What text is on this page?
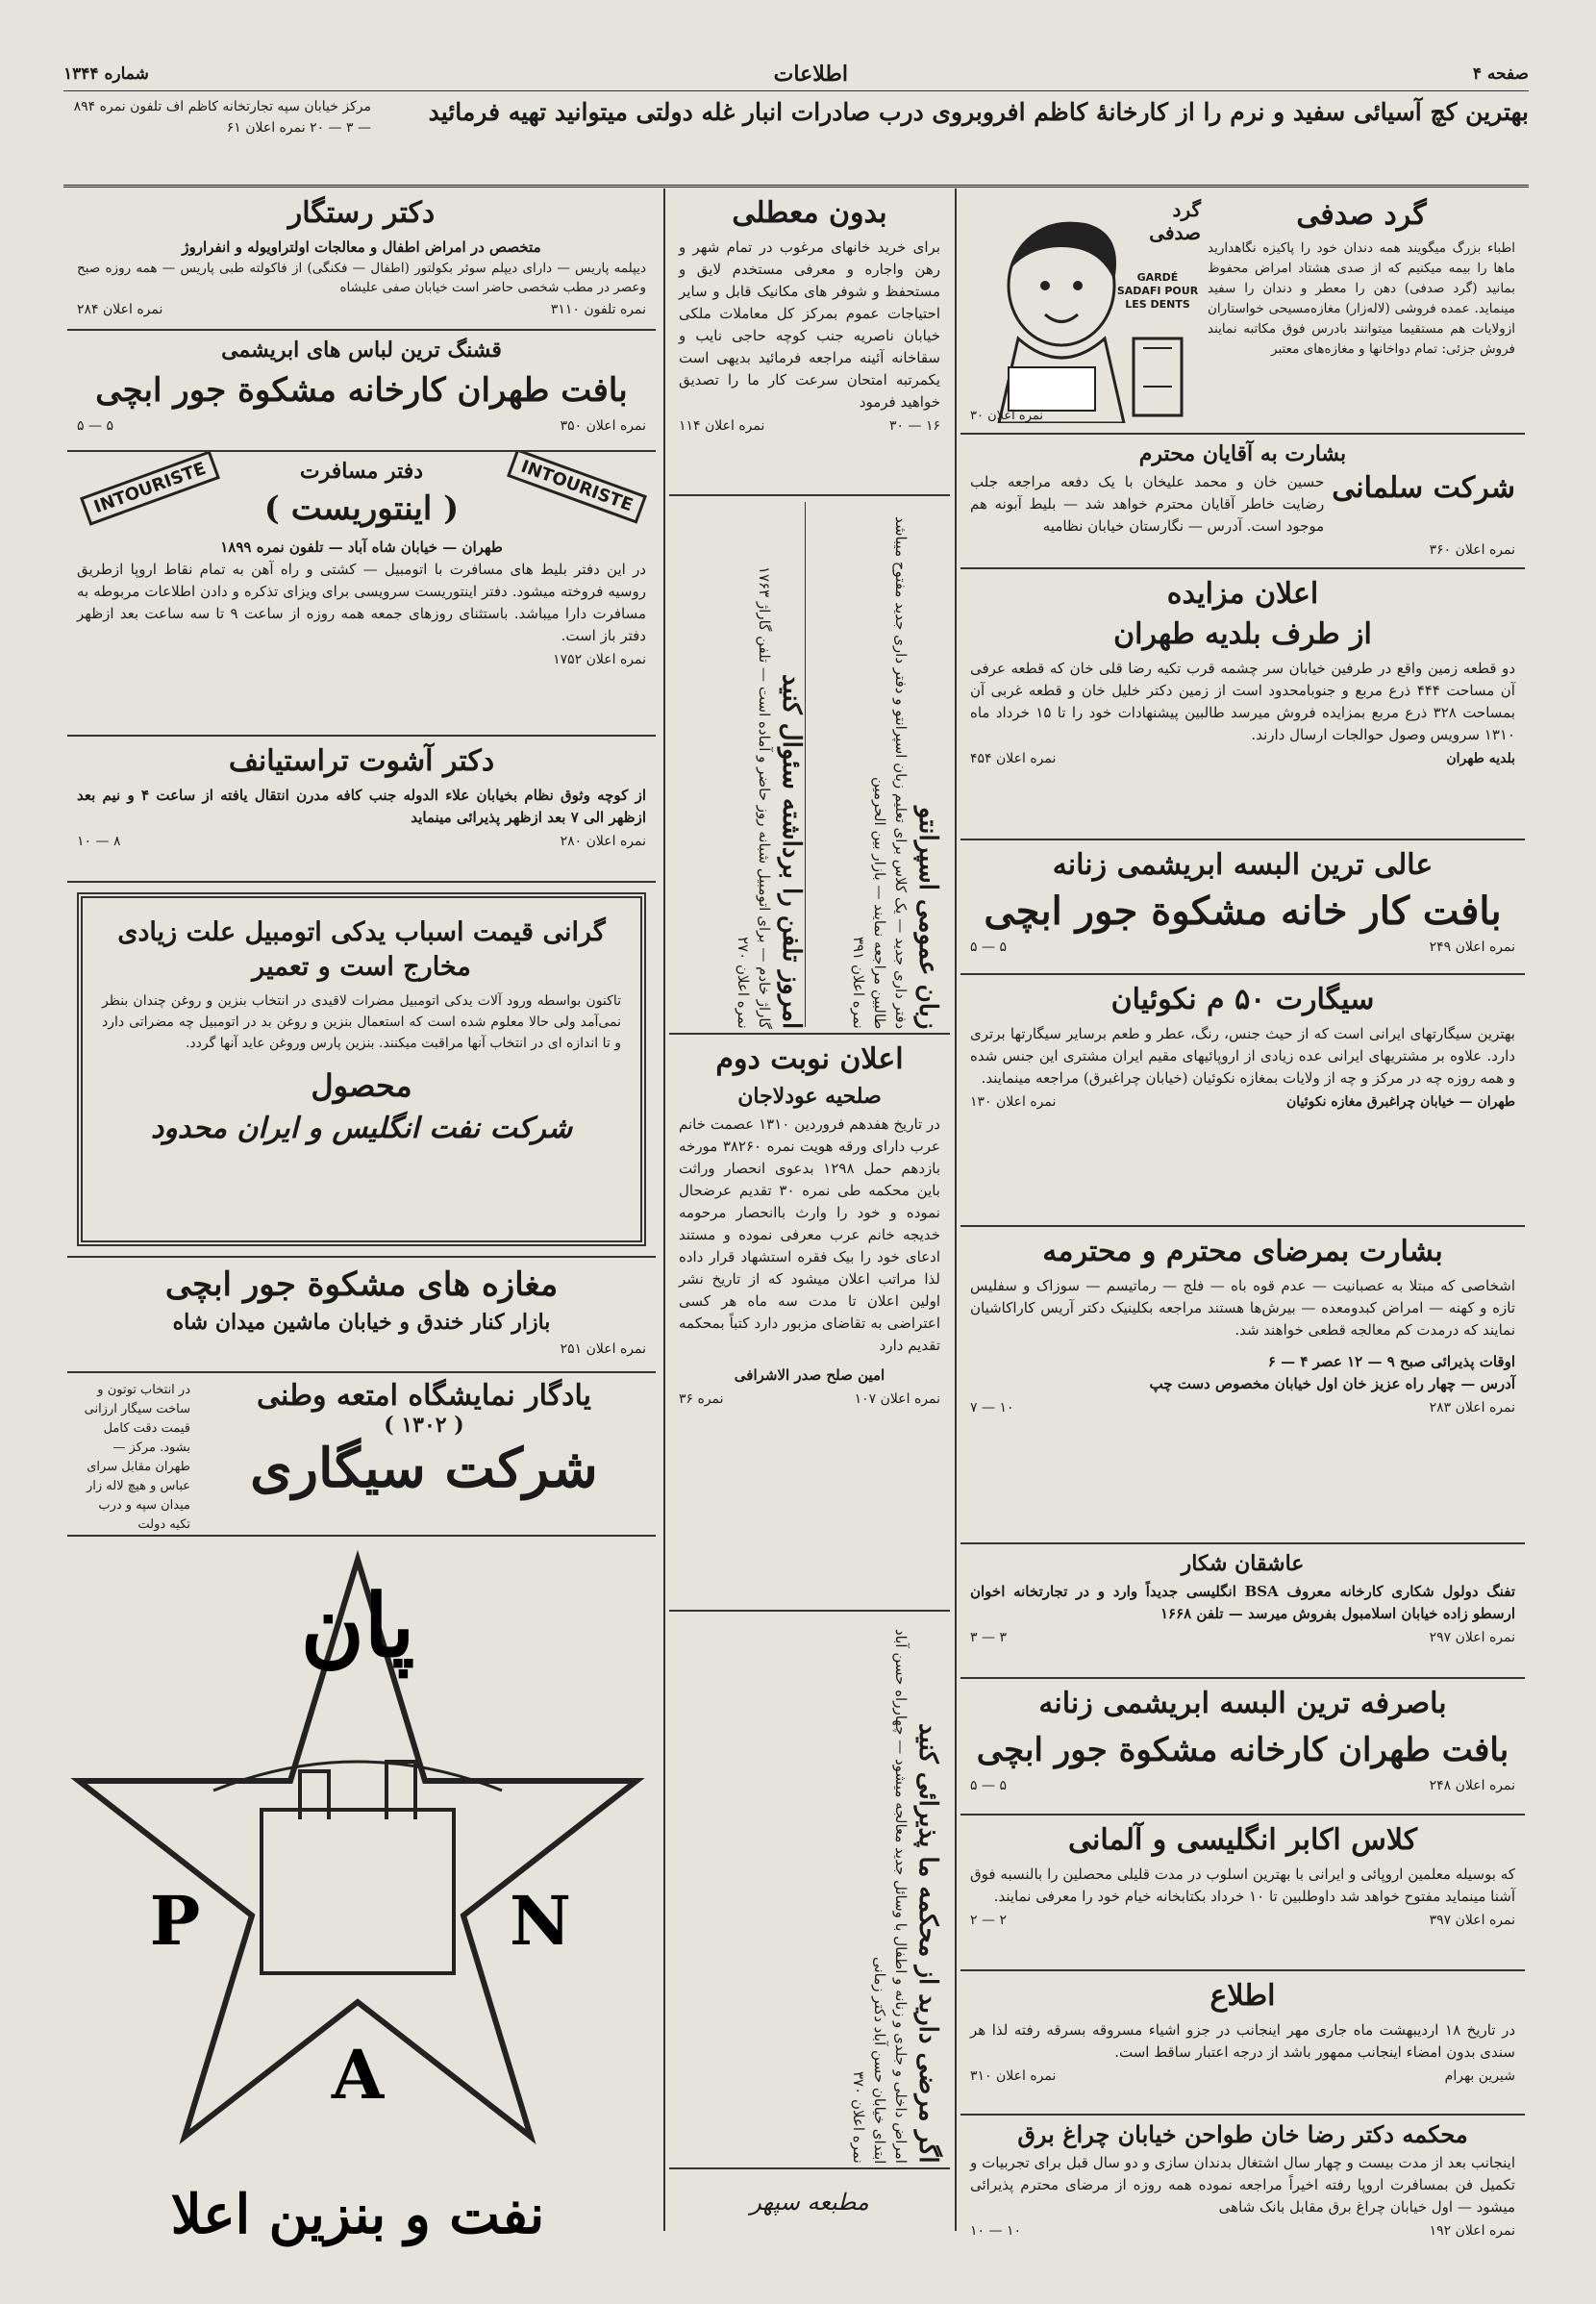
صفحه ۴
اطلاعات
شماره ۱۳۴۴
بهترین کچ آسیائی سفید و نرم را از کارخانهٔ کاظم افروبروی درب صادرات انبار غله دولتی میتوانید تهیه فرمائید
مرکز خیابان سپه تجارتخانه کاظم اف تلفون نمره ۸۹۴ — ۳ — ۲۰ نمره اعلان ۶۱
گرد صدفی

اطباء بزرگ میگویند همه دندان خود را پاکیزه نگاهدارید ماها را بیمه میکنیم که از صدی هشتاد امراض محفوظ بمانید (گرد صدفی) دهن را معطر و دندان را سفید مینماید. عمده فروشی (لاله‌زار) مغازه‌مسیحی خواستاران ازولایات هم مستقیما میتوانند بادرس فوق مکاتبه نمایند فروش جزئی: تمام دواخانها و مغازه‌های معتبر

گرد صدفی
GARDÉ SADAFI POUR LES DENTS
نمره اعلان ۳۰
بشارت به آقایان محترم
شرکت سلمانی

حسین خان و محمد علیخان با یک دفعه مراجعه جلب رضایت خاطر آقایان محترم خواهد شد — بلیط آبونه هم موجود است. آدرس — نگارستان خیابان نظامیه

نمره اعلان ۳۶۰
اعلان مزایده
از طرف بلدیه طهران

دو قطعه زمین واقع در طرفین خیابان سر چشمه قرب تکیه رضا قلی خان که قطعه عرفی آن مساحت ۴۴۴ ذرع مربع و جنوبامحدود است از زمین دکتر خلیل خان و قطعه غربی آن بمساحت ۳۲۸ ذرع مربع بمزایده فروش میرسد طالبین پیشنهادات خود را تا ۱۵ خرداد ماه ۱۳۱۰ سرویس وصول حوالجات ارسال دارند.

بلدیه طهران
نمره اعلان ۴۵۴
عالی ترین البسه ابریشمی زنانه
بافت کار خانه مشکوة جور ابچی
نمره اعلان ۲۴۹
۵ — ۵
سیگارت ۵۰ م نکوئیان

بهترین سیگارتهای ایرانی است که از حیث جنس، رنگ، عطر و طعم برسایر سیگارتها برتری دارد. علاوه بر مشتریهای ایرانی عده زیادی از اروپائیهای مقیم ایران مشتری این جنس شده و همه روزه چه در مرکز و چه از ولایات بمغازه نکوئیان (خیابان چراغبرق) مراجعه مینمایند.

طهران — خیابان چراغبرق مغازه نکوئیان
نمره اعلان ۱۳۰
بشارت بمرضای محترم و محترمه

اشخاصی که مبتلا به عصبانیت — عدم قوه باه — فلج — رماتیسم — سوزاک و سفلیس تازه و کهنه — امراض کبدومعده — بیرش‌ها هستند مراجعه بکلینیک دکتر آریس کاراکاشیان نمایند که درمدت کم معالجه قطعی خواهند شد.

اوقات پذیرائی صبح ۹ — ۱۲ عصر ۴ — ۶

آدرس — چهار راه عزیز خان اول خیابان مخصوص دست چپ

نمره اعلان ۲۸۳
۱۰ — ۷
عاشقان شکار

تفنگ دولول شکاری کارخانه معروف BSA انگلیسی جدیداً وارد و در تجارتخانه اخوان ارسطو زاده خیابان اسلامبول بفروش میرسد — تلفن ۱۶۶۸

نمره اعلان ۲۹۷
۳ — ۳
باصرفه ترین البسه ابریشمی زنانه
بافت طهران کارخانه مشکوة جور ابچی
نمره اعلان ۲۴۸
۵ — ۵
کلاس اکابر انگلیسی و آلمانی

که بوسیله معلمین اروپائی و ایرانی با بهترین اسلوب در مدت قلیلی محصلین را بالنسبه فوق آشنا مینماید مفتوح خواهد شد داوطلبین تا ۱۰ خرداد بکتابخانه خیام خود را معرفی نمایند.

نمره اعلان ۳۹۷
۲ — ۲
اطلاع

در تاریخ ۱۸ اردیبهشت ماه جاری مهر اینجانب در جزو اشیاء مسروقه بسرقه رفته لذا هر سندی بدون امضاء اینجانب ممهور باشد از درجه اعتبار ساقط است.

شیرین بهرام
نمره اعلان ۳۱۰
محکمه دکتر رضا خان طواحن خیابان چراغ برق

اینجانب بعد از مدت بیست و چهار سال اشتغال بدندان سازی و دو سال قبل برای تجربیات و تکمیل فن بمسافرت اروپا رفته اخیراً مراجعه نموده همه روزه از مرضای محترم پذیرائی میشود — اول خیابان چراغ برق مقابل بانک شاهی

نمره اعلان ۱۹۲
۱۰ — ۱۰
بدون معطلی

برای خرید خانهای مرغوب در تمام شهر و رهن واجاره و معرفی مستخدم لایق و مستحفظ و شوفر های مکانیک قابل و سایر احتیاجات عموم بمرکز کل معاملات ملکی خیابان ناصریه جنب کوچه حاجی نایب و سقاخانه آئینه مراجعه فرمائید بدیهی است یکمرتبه امتحان سرعت کار ما را تصدیق خواهید فرمود

۱۶ — ۳۰
نمره اعلان ۱۱۴
زبان عمومی اسپرانتو
دفتر داری جدید — یک کلاس برای تعلیم زبان اسپرانتو و دفتر داری جدید مفتوح میباشد طالبین مراجعه نمایند — بازار بین الحرمین
نمره اعلان ۳۹۱
امروز تلفن را برداشته سئوال کنید
گاراژ خادم — برای اتومبیل شبانه روز حاضر و آماده است — تلفن گاراژ ۱۷۶۳
نمره اعلان ۲۷۰
اعلان نوبت دوم
صلحیه عودلاجان

در تاریخ هفدهم فروردین ۱۳۱۰ عصمت خانم عرب دارای ورقه هویت نمره ۳۸۲۶۰ مورخه بازدهم حمل ۱۲۹۸ بدعوی انحصار وراثت باین محکمه طی نمره ۳۰ تقدیم عرضحال نموده و خود را وارث باانحصار مرحومه خدیجه خانم عرب معرفی نموده و مستند ادعای خود را بیک فقره استشهاد قرار داده لذا مراتب اعلان میشود که از تاریخ نشر اولین اعلان تا مدت سه ماه هر کسی اعتراضی به تقاضای مزبور دارد کتباً بمحکمه تقدیم دارد

امین صلح صدر الاشرافی

نمره اعلان ۱۰۷
نمره ۳۶
اگر مرضی دارید از محکمه ما پذیرائی کنید
امراض داخلی و جلدی و زنانه و اطفال با وسائل جدید معالجه میشود — چهارراه حسن آباد ابتدای خیابان حسن آباد دکتر زمانی
نمره اعلان ۳۷۰
مطبعه سپهر
دکتر رستگار

متخصص در امراض اطفال و معالجات اولتراویوله و انفراروژ

دیپلمه پاریس — دارای دیپلم سوئر بکولتور (اطفال — فکنگی) از فاکولته طبی پاریس — همه روزه صبح وعصر در مطب شخصی حاضر است خیابان صفی علیشاه

نمره تلفون ۳۱۱۰
نمره اعلان ۲۸۴
قشنگ ترین لباس های ابریشمی
بافت طهران کارخانه مشکوة جور ابچی
نمره اعلان ۳۵۰
۵ — ۵
INTOURISTE
INTOURISTE	دفتر مسافرت
( اینتوریست )

طهران — خیابان شاه آباد — تلفون نمره ۱۸۹۹

در این دفتر بلیط های مسافرت با اتومبیل — کشتی و راه آهن به تمام نقاط اروپا ازطریق روسیه فروخته میشود. دفتر اینتوریست سرویسی برای ویزای تذکره و دادن اطلاعات مربوطه به مسافرت دارا میباشد. باستثنای روزهای جمعه همه روزه از ساعت ۹ تا سه ساعت بعد ازظهر دفتر باز است.

نمره اعلان ۱۷۵۲
دکتر آشوت تراستیانف

از کوچه وثوق نظام بخیابان علاء الدوله جنب کافه مدرن انتقال یافته از ساعت ۴ و نیم بعد ازظهر الی ۷ بعد ازظهر پذیرائی مینماید

نمره اعلان ۲۸۰
۸ — ۱۰
گرانی قیمت اسباب یدکی اتومبیل علت زیادی مخارج است و تعمیر

تاکنون بواسطه ورود آلات یدکی اتومبیل مضرات لاقیدی در انتخاب بنزین و روغن چندان بنظر نمی‌آمد ولی حالا معلوم شده است که استعمال بنزین و روغن بد در اتومبیل چه مضراتی دارد و تا اندازه ای در انتخاب آنها مراقبت میکنند. بنزین پارس وروغن عاید آنها گردد.

محصول
شرکت نفت انگلیس و ایران محدود
مغازه های مشکوة جور ابچی

بازار کنار خندق و خیابان ماشین میدان شاه

نمره اعلان ۲۵۱
در انتخاب توتون و ساخت سیگار ارزانی قیمت دقت کامل بشود. مرکز — طهران مقابل سرای عباس و هیچ لاله زار میدان سپه و درب تکیه دولت
یادگار نمایشگاه امتعه وطنی
( ۱۳۰۲ )
شرکت سیگاری
پان
P	N
A
نفت و بنزین اعلا
